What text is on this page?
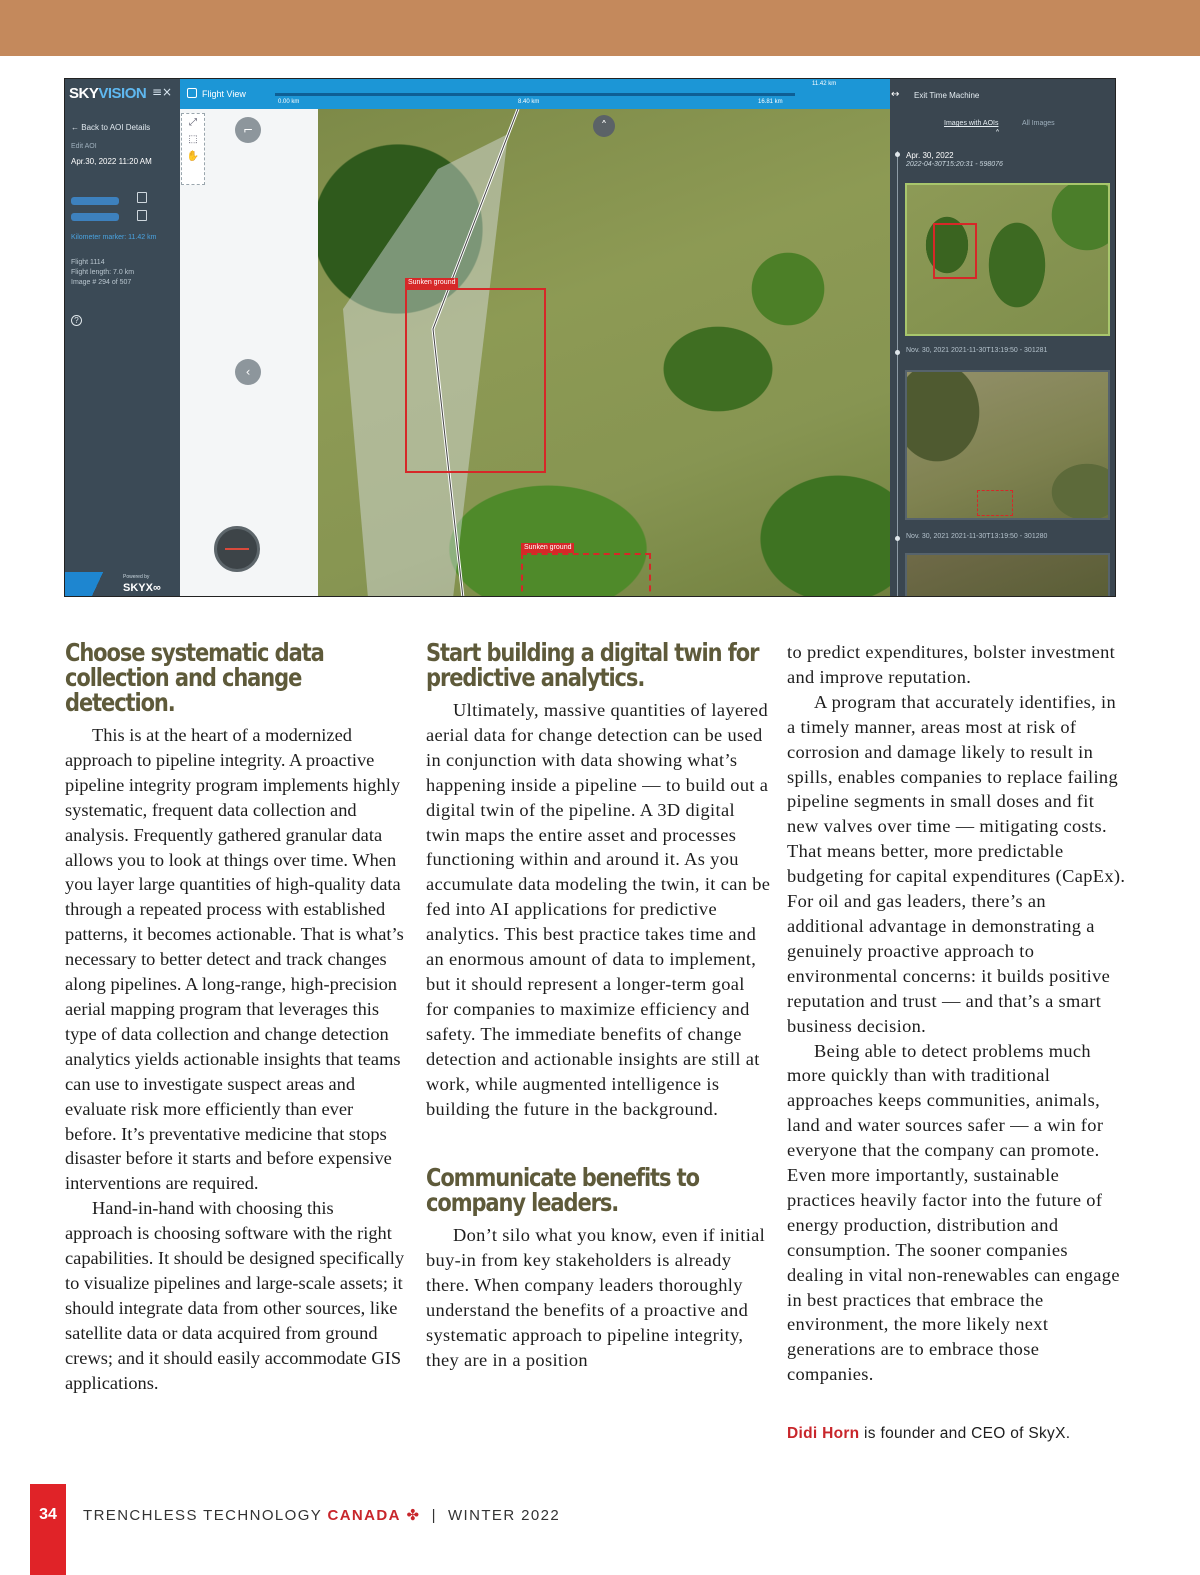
SKYVISION ≡×
← Back to AOI Details
Edit AOI
Apr.30, 2022 11:20 AM
Kilometer marker: 11.42 km
Flight 1114
Flight length: 7.0 km
Image # 294 of 507
?
Powered by
SKYX∞
Flight View
0.00 km	8.40 km	16.81 km
11.42 km
⤢
⬚
✋
⌐
‹
Sunken ground
Sunken ground
˄
↔ Exit Time Machine
Images with AOIs	All Images
˄
Apr. 30, 2022
2022-04-30T15:20:31 - 598076
Nov. 30, 2021 2021-11-30T13:19:50 - 301281
Nov. 30, 2021 2021-11-30T13:19:50 - 301280
Choose systematic data collection and change detection.

This is at the heart of a modernized approach to pipeline integrity. A proactive pipeline integrity program implements highly systematic, frequent data collection and analysis. Frequently gathered granular data allows you to look at things over time. When you layer large quantities of high-quality data through a repeated process with established patterns, it becomes actionable. That is what’s necessary to better detect and track changes along pipelines. A long-range, high-precision aerial mapping program that leverages this type of data collection and change detection analytics yields actionable insights that teams can use to investigate suspect areas and evaluate risk more efficiently than ever before. It’s preventative medicine that stops disaster before it starts and before expensive interventions are required.

Hand-in-hand with choosing this approach is choosing software with the right capabilities. It should be designed specifically to visualize pipelines and large-scale assets; it should integrate data from other sources, like satellite data or data acquired from ground crews; and it should easily accommodate GIS applications.

Start building a digital twin for predictive analytics.

Ultimately, massive quantities of layered aerial data for change detection can be used in conjunction with data showing what’s happening inside a pipeline — to build out a digital twin of the pipeline. A 3D digital twin maps the entire asset and processes functioning within and around it. As you accumulate data modeling the twin, it can be fed into AI applications for predictive analytics. This best practice takes time and an enormous amount of data to implement, but it should represent a longer-term goal for companies to maximize efficiency and safety. The immediate benefits of change detection and actionable insights are still at work, while augmented intelligence is building the future in the background.

Communicate benefits to company leaders.

Don’t silo what you know, even if initial buy-in from key stakeholders is already there. When company leaders thoroughly understand the benefits of a proactive and systematic approach to pipeline integrity, they are in a position

to predict expenditures, bolster investment and improve reputation.

A program that accurately identifies, in a timely manner, areas most at risk of corrosion and damage likely to result in spills, enables companies to replace failing pipeline segments in small doses and fit new valves over time — mitigating costs. That means better, more predictable budgeting for capital expenditures (CapEx). For oil and gas leaders, there’s an additional advantage in demonstrating a genuinely proactive approach to environmental concerns: it builds positive reputation and trust — and that’s a smart business decision.

Being able to detect problems much more quickly than with traditional approaches keeps communities, animals, land and water sources safer — a win for everyone that the company can promote. Even more importantly, sustainable practices heavily factor into the future of energy production, distribution and consumption. The sooner companies dealing in vital non-renewables can engage in best practices that embrace the environment, the more likely next generations are to embrace those companies.

Didi Horn is founder and CEO of SkyX.

34	TRENCHLESS TECHNOLOGY CANADA ✤ | WINTER 2022
